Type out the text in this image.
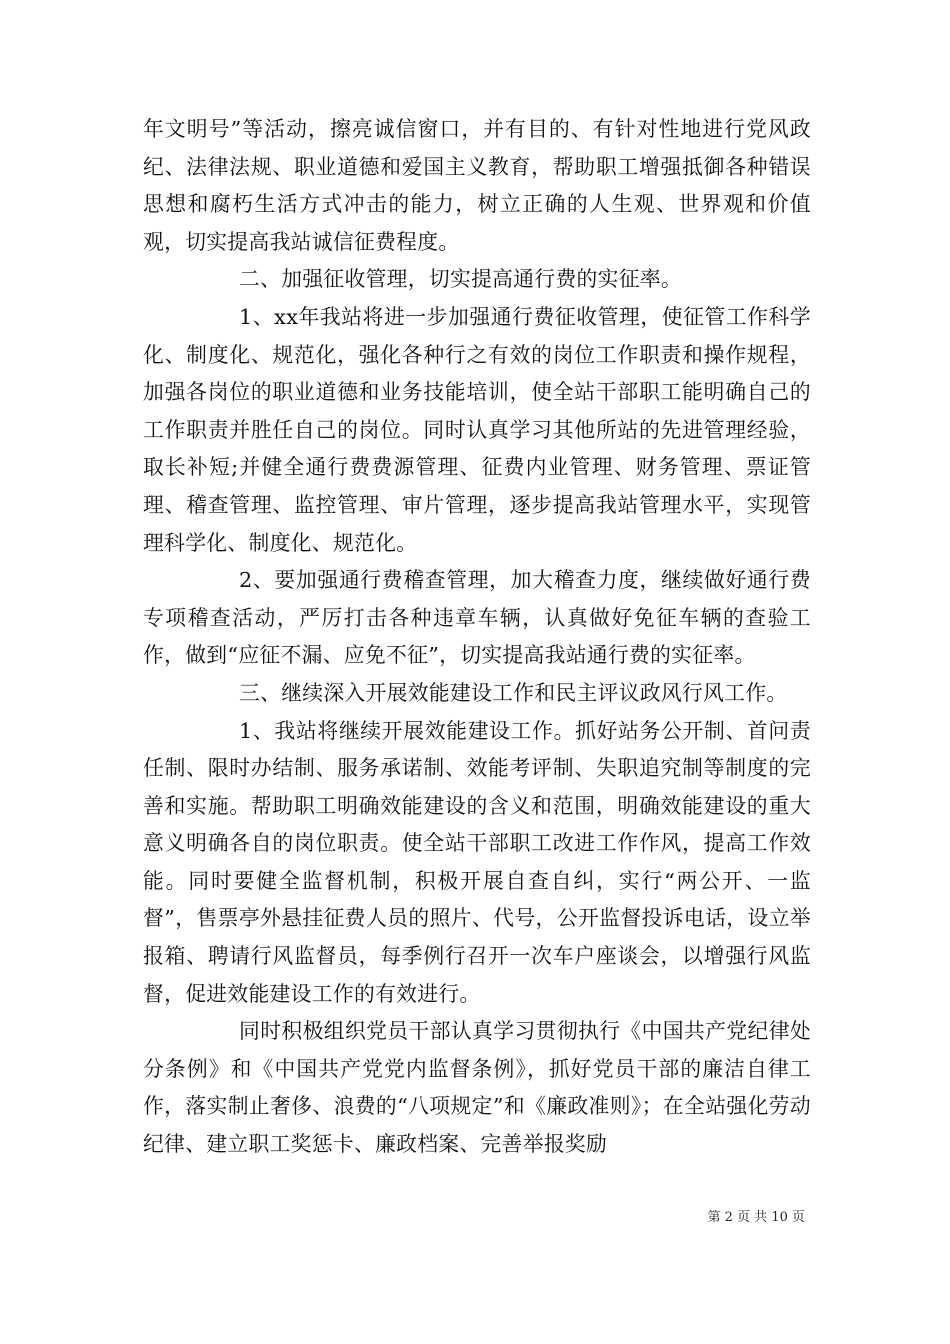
年文明号”等活动，擦亮诚信窗口，并有目的、有针对性地进行党风政纪、法律法规、职业道德和爱国主义教育，帮助职工增强抵御各种错误思想和腐朽生活方式冲击的能力，树立正确的人生观、世界观和价值观，切实提高我站诚信征费程度。

二、加强征收管理，切实提高通行费的实征率。

1、xx年我站将进一步加强通行费征收管理，使征管工作科学化、制度化、规范化，强化各种行之有效的岗位工作职责和操作规程，加强各岗位的职业道德和业务技能培训，使全站干部职工能明确自己的工作职责并胜任自己的岗位。同时认真学习其他所站的先进管理经验，取长补短;并健全通行费费源管理、征费内业管理、财务管理、票证管理、稽查管理、监控管理、审片管理，逐步提高我站管理水平，实现管理科学化、制度化、规范化。

2、要加强通行费稽查管理，加大稽查力度，继续做好通行费专项稽查活动，严厉打击各种违章车辆，认真做好免征车辆的查验工作，做到“应征不漏、应免不征”，切实提高我站通行费的实征率。

三、继续深入开展效能建设工作和民主评议政风行风工作。

1、我站将继续开展效能建设工作。抓好站务公开制、首问责任制、限时办结制、服务承诺制、效能考评制、失职追究制等制度的完善和实施。帮助职工明确效能建设的含义和范围，明确效能建设的重大意义明确各自的岗位职责。使全站干部职工改进工作作风，提高工作效能。同时要健全监督机制，积极开展自查自纠，实行“两公开、一监督”，售票亭外悬挂征费人员的照片、代号，公开监督投诉电话，设立举报箱、聘请行风监督员，每季例行召开一次车户座谈会，以增强行风监督，促进效能建设工作的有效进行。

同时积极组织党员干部认真学习贯彻执行《中国共产党纪律处分条例》和《中国共产党党内监督条例》，抓好党员干部的廉洁自律工作，落实制止奢侈、浪费的“八项规定”和《廉政准则》；在全站强化劳动纪律、建立职工奖惩卡、廉政档案、完善举报奖励

第 2 页 共 10 页
